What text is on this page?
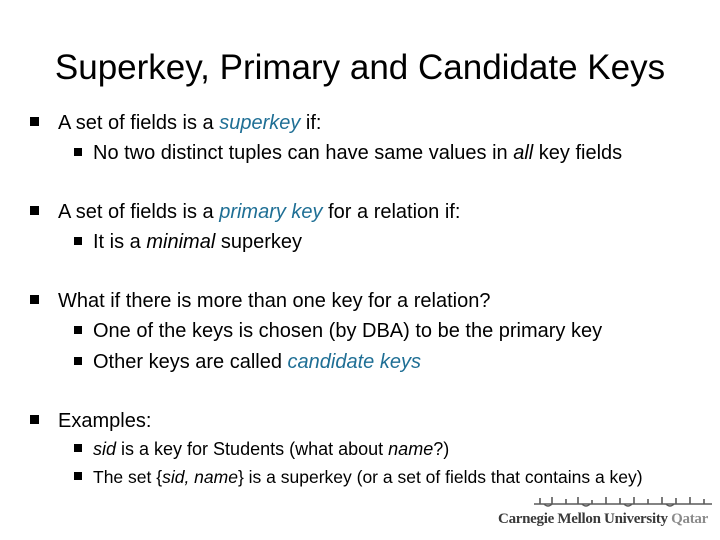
Superkey, Primary and Candidate Keys
A set of fields is a superkey if:
No two distinct tuples can have same values in all key fields
A set of fields is a primary key for a relation if:
It is a minimal superkey
What if there is more than one key for a relation?
One of the keys is chosen (by DBA) to be the primary key
Other keys are called candidate keys
Examples:
sid is a key for Students (what about name?)
The set {sid, name} is a superkey (or a set of fields that contains a key)
Carnegie Mellon University Qatar
